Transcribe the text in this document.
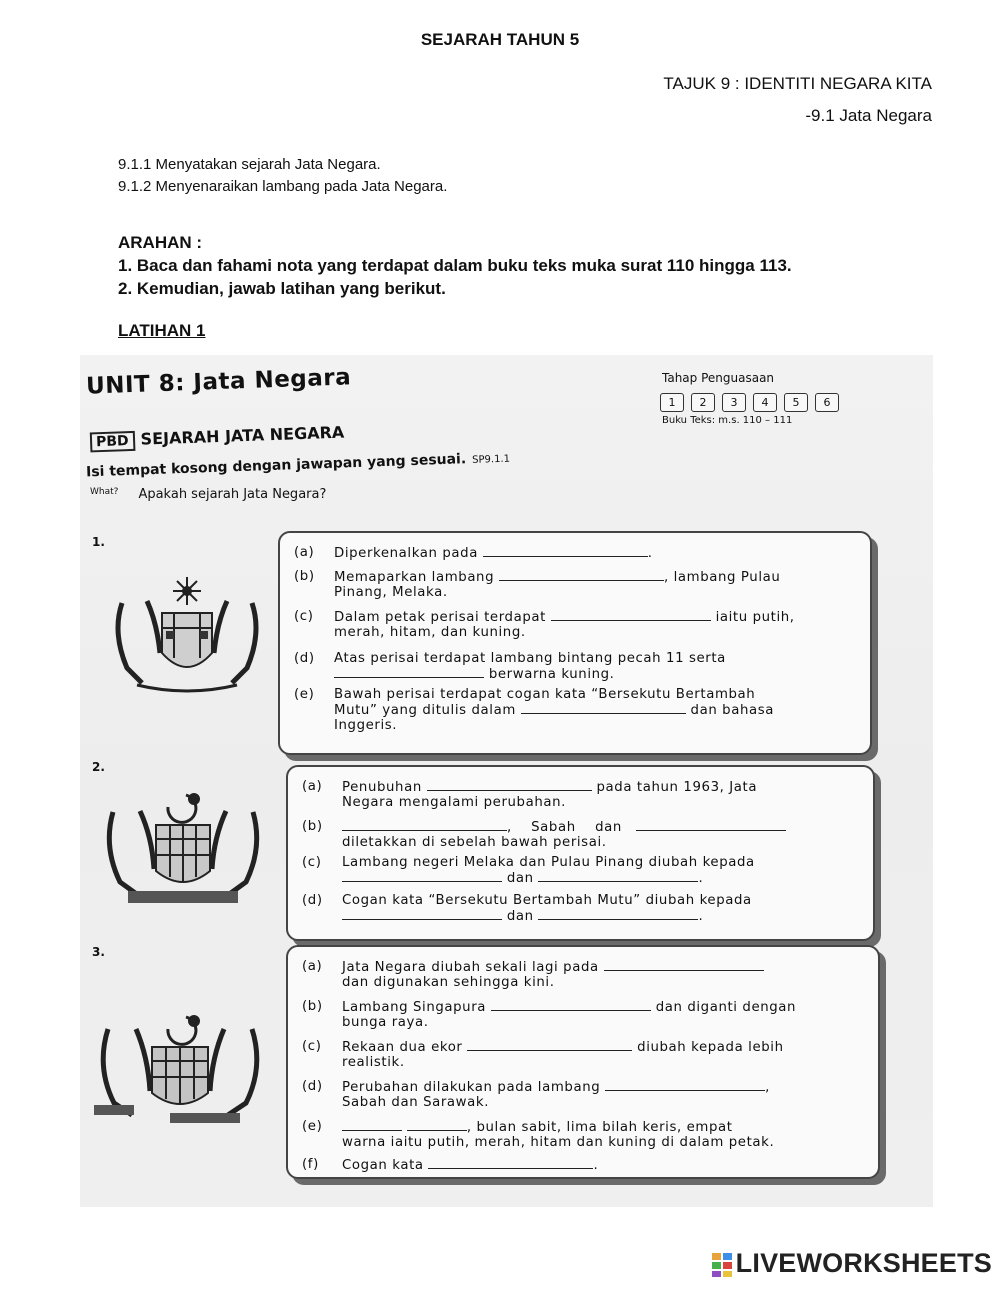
SEJARAH TAHUN 5
TAJUK 9 : IDENTITI NEGARA KITA
-9.1 Jata Negara
9.1.1 Menyatakan sejarah Jata Negara.
9.1.2 Menyenaraikan lambang pada Jata Negara.
ARAHAN :
1. Baca dan fahami nota yang terdapat dalam buku teks muka surat 110 hingga 113.
2. Kemudian, jawab latihan yang berikut.
LATIHAN 1
UNIT 8: Jata Negara	Tahap Penguasaan
1	2	3	4	5	6
Buku Teks: m.s. 110 – 111
PBD SEJARAH JATA NEGARA
Isi tempat kosong dengan jawapan yang sesuai. SP9.1.1
$^{What?}$ Apakah sejarah Jata Negara?
1.
2.
3.
(a) Diperkenalkan pada	.
(b) Memaparkan lambang	, lambang Pulau
Pinang, Melaka.
(c) Dalam petak perisai terdapat	iaitu putih,
merah, hitam, dan kuning.
(d) Atas perisai terdapat lambang bintang pecah 11 serta
berwarna kuning.
(e) Bawah perisai terdapat cogan kata “Bersekutu Bertambah
Mutu” yang ditulis dalam	dan bahasa
Inggeris.
(a) Penubuhan	pada tahun 1963, Jata
Negara mengalami perubahan.
(b)	, Sabah dan
diletakkan di sebelah bawah perisai.
(c) Lambang negeri Melaka dan Pulau Pinang diubah kepada
dan	.
(d) Cogan kata “Bersekutu Bertambah Mutu” diubah kepada
dan	.
(a) Jata Negara diubah sekali lagi pada
dan digunakan sehingga kini.
(b) Lambang Singapura	dan diganti dengan
bunga raya.
(c) Rekaan dua ekor	diubah kepada lebih
realistik.
(d) Perubahan dilakukan pada lambang	,
Sabah dan Sarawak.
(e)	, bulan sabit, lima bilah keris, empat
warna iaitu putih, merah, hitam dan kuning di dalam petak.
(f) Cogan kata	.
LIVEWORKSHEETS
